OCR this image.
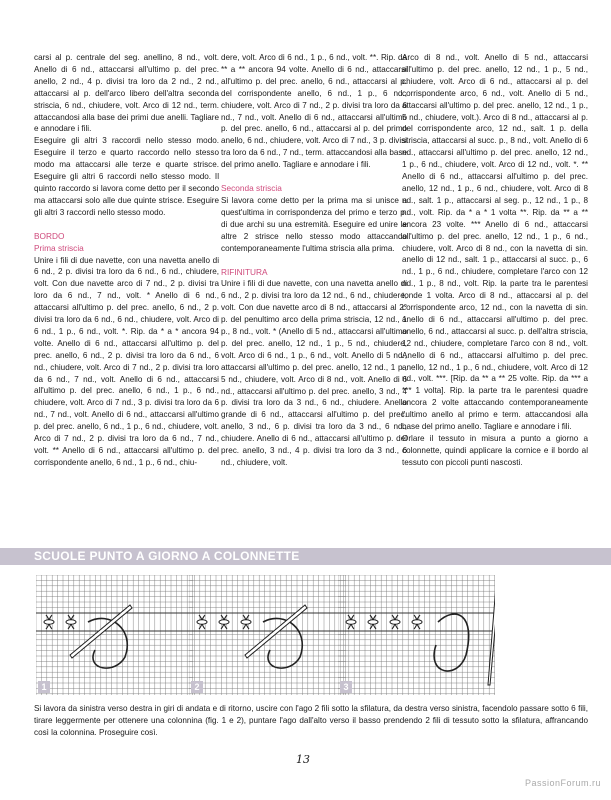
carsi al p. centrale del seg. anellino, 8 nd., volt. Anello di 6 nd., attaccarsi all'ultimo p. del prec. anello, 2 nd., 4 p. divisi tra loro da 2 nd., 2 nd., attaccarsi al p. dell'arco libero dell'altra seconda striscia, 6 nd., chiudere, volt. Arco di 12 nd., term. attaccandosi alla base dei primi due anelli. Tagliare e annodare i fili.

Eseguire gli altri 3 raccordi nello stesso modo. Eseguire il terzo e quarto raccordo nello stesso modo ma attaccarsi alle terze e quarte strisce. Eseguire gli altri 6 raccordi nello stesso modo. Il quinto raccordo si lavora come detto per il secondo ma attaccarsi solo alle due quinte strisce. Eseguire gli altri 3 raccordi nello stesso modo.

BORDO

Prima striscia

Unire i fili di due navette, con una navetta anello di 6 nd., 2 p. divisi tra loro da 6 nd., 6 nd., chiudere, volt. Con due navette arco di 7 nd., 2 p. divisi tra loro da 6 nd., 7 nd., volt. * Anello di 6 nd., attaccarsi all'ultimo p. del prec. anello, 6 nd., 2 p. divisi tra loro da 6 nd., 6 nd., chiudere, volt. Arco di 6 nd., 1 p., 6 nd., volt. *. Rip. da * a * ancora 94 volte. Anello di 6 nd., attaccarsi all'ultimo p. del prec. anello, 6 nd., 2 p. divisi tra loro da 6 nd., 6 nd., chiudere, volt. Arco di 7 nd., 2 p. divisi tra loro da 6 nd., 7 nd., volt. Anello di 6 nd., attaccarsi all'ultimo p. del prec. anello, 6 nd., 1 p., 6 nd., chiudere, volt. Arco di 7 nd., 3 p. divisi tra loro da 6 nd., 7 nd., volt. Anello di 6 nd., attaccarsi all'ultimo p. del prec. anello, 6 nd., 1 p., 6 nd., chiudere, volt. Arco di 7 nd., 2 p. divisi tra loro da 6 nd., 7 nd., volt. ** Anello di 6 nd., attaccarsi all'ultimo p. del corrispondente anello, 6 nd., 1 p., 6 nd., chiu-

dere, volt. Arco di 6 nd., 1 p., 6 nd., volt. **. Rip. da ** a ** ancora 94 volte. Anello di 6 nd., attaccarsi all'ultimo p. del prec. anello, 6 nd., attaccarsi al p. del corrispondente anello, 6 nd., 1 p., 6 nd., chiudere, volt. Arco di 7 nd., 2 p. divisi tra loro da 6 nd., 7 nd., volt. Anello di 6 nd., attaccarsi all'ultimo p. del prec. anello, 6 nd., attaccarsi al p. del primo anello, 6 nd., chiudere, volt. Arco di 7 nd., 3 p. divisi tra loro da 6 nd., 7 nd., term. attaccandosi alla base del primo anello. Tagliare e annodare i fili.

Seconda striscia

Si lavora come detto per la prima ma si unisce a quest'ultima in corrispondenza del primo e terzo p. di due archi su una estremità. Eseguire ed unire le altre 2 strisce nello stesso modo attaccando contemporaneamente l'ultima striscia alla prima.

RIFINITURA

Unire i fili di due navette, con una navetta anello di 6 nd., 2 p. divisi tra loro da 12 nd., 6 nd., chiudere, volt. Con due navette arco di 8 nd., attaccarsi al 2° p. del penultimo arco della prima striscia, 12 nd., 1 p., 8 nd., volt. * (Anello di 5 nd., attaccarsi all'ultimo p. del prec. anello, 12 nd., 1 p., 5 nd., chiudere, volt. Arco di 6 nd., 1 p., 6 nd., volt. Anello di 5 nd., attaccarsi all'ultimo p. del prec. anello, 12 nd., 1 p., 5 nd., chiudere, volt. Arco di 8 nd., volt. Anello di 6 nd., attaccarsi all'ultimo p. del prec. anello, 3 nd., 4 p. divisi tra loro da 3 nd., 6 nd., chiudere. Anello grande di 6 nd., attaccarsi all'ultimo p. del prec. anello, 3 nd., 6 p. divisi tra loro da 3 nd., 6 nd., chiudere. Anello di 6 nd., attaccarsi all'ultimo p. del prec. anello, 3 nd., 4 p. divisi tra loro da 3 nd., 6 nd., chiudere, volt.

Arco di 8 nd., volt. Anello di 5 nd., attaccarsi all'ultimo p. del prec. anello, 12 nd., 1 p., 5 nd., chiudere, volt. Arco di 6 nd., attaccarsi al p. del corrispondente arco, 6 nd., volt. Anello di 5 nd., attaccarsi all'ultimo p. del prec. anello, 12 nd., 1 p., 5 nd., chiudere, volt.). Arco di 8 nd., attaccarsi al p. del corrispondente arco, 12 nd., salt. 1 p. della striscia, attaccarsi al succ. p., 8 nd., volt. Anello di 6 nd., attaccarsi all'ultimo p. del prec. anello, 12 nd., 1 p., 6 nd., chiudere, volt. Arco di 12 nd., volt. *. ** Anello di 6 nd., attaccarsi all'ultimo p. del prec. anello, 12 nd., 1 p., 6 nd., chiudere, volt. Arco di 8 nd., salt. 1 p., attaccarsi al seg. p., 12 nd., 1 p., 8 nd., volt. Rip. da * a * 1 volta **. Rip. da ** a ** ancora 23 volte. *** Anello di 6 nd., attaccarsi all'ultimo p. del prec. anello, 12 nd., 1 p., 6 nd., chiudere, volt. Arco di 8 nd., con la navetta di sin. anello di 12 nd., salt. 1 p., attaccarsi al succ. p., 6 nd., 1 p., 6 nd., chiudere, completare l'arco con 12 nd., 1 p., 8 nd., volt. Rip. la parte tra le parentesi tonde 1 volta. Arco di 8 nd., attaccarsi al p. del corrispondente arco, 12 nd., con la navetta di sin. anello di 6 nd., attaccarsi all'ultimo p. del prec. anello, 6 nd., attaccarsi al succ. p. dell'altra striscia, 12 nd., chiudere, completare l'arco con 8 nd., volt. Anello di 6 nd., attaccarsi all'ultimo p. del prec. anello, 12 nd., 1 p., 6 nd., chiudere, volt. Arco di 12 nd., volt. ***. [Rip. da ** a ** 25 volte. Rip. da *** a *** 1 volta]. Rip. la parte tra le parentesi quadre ancora 2 volte attaccando contemporaneamente l'ultimo anello al primo e term. attaccandosi alla base del primo anello. Tagliare e annodare i fili.

Orlare il tessuto in misura a punto a giorno a colonnette, quindi applicare la cornice e il bordo al tessuto con piccoli punti nascosti.

SCUOLE PUNTO A GIORNO A COLONNETTE
1	2	3
Si lavora da sinistra verso destra in giri di andata e di ritorno, uscire con l'ago 2 fili sotto la sfilatura, da destra verso sinistra, facendolo passare sotto 6 fili, tirare leggermente per ottenere una colonnina (fig. 1 e 2), puntare l'ago dall'alto verso il basso prendendo 2 fili di tessuto sotto la sfilatura, affrancando così la colonnina. Proseguire così.
13
PassionForum.ru
